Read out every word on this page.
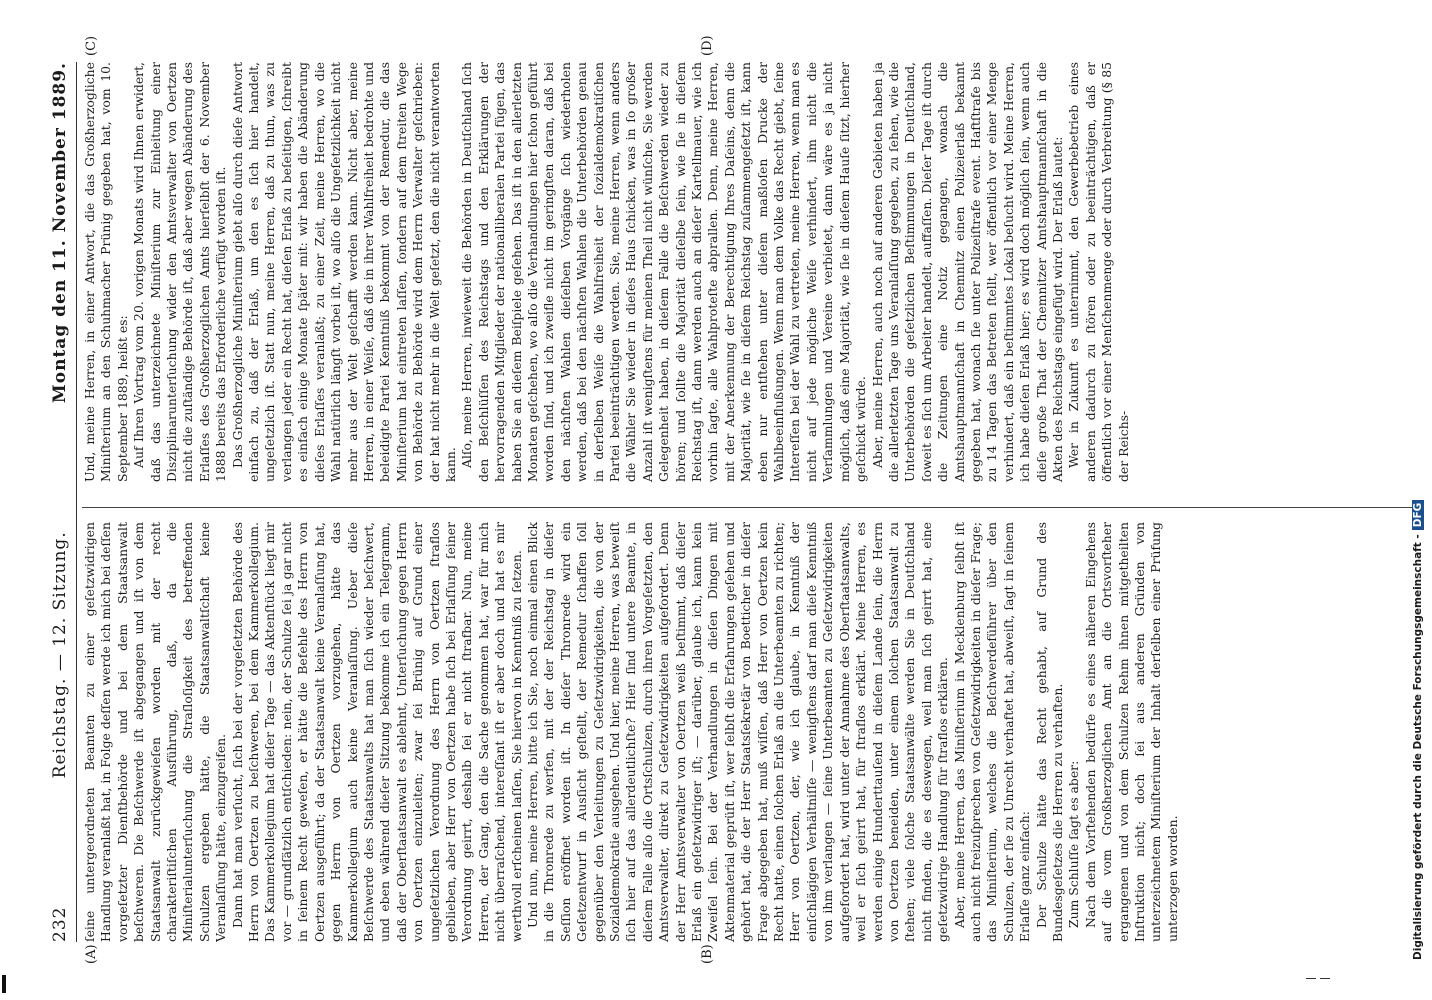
232
Reichstag. — 12. Sitzung.
Montag den 11. November 1889.

ſeine untergeordneten Beamten zu einer geſetzwidrigen Handlung veranlaßt hat, in Folge deſſen werde ich mich bei deſſen vorgeſetzter Dienſtbehörde und bei dem Staatsanwalt beſchweren. Die Beſchwerde iſt abgegangen und iſt von dem Staatsanwalt zurückgewieſen worden mit der recht charakteriſtiſchen Ausführung, daß, da die Miniſterialunterſuchung die Straſloſigkeit des betreffenden Schulzen ergeben hätte, die Staatsanwaltſchaft keine Veranlaſſung hätte, einzugreifen. Dann hat man verſucht, ſich bei der vorgeſetzten Behörde des Herrn von Oertzen zu beſchweren, bei dem Kammerkollegium. Das Kammerkollegium hat dieſer Tage — das Aktenſtück liegt mir vor — grundſätzlich entſchieden: nein, der Schulze ſei ja gar nicht in ſeinem Recht geweſen, er hätte die Befehle des Herrn von Oertzen ausgeführt; da der Staatsanwalt keine Veranlaſſung hat, gegen Herrn von Oertzen vorzugehen, hätte das Kammerkollegium auch keine Veranlaſſung. Ueber dieſe Beſchwerde des Staatsanwalts hat man ſich wieder beſchwert, und eben während dieſer Sitzung bekomme ich ein Telegramm, daß der Oberſtaatsanwalt es ablehnt, Unterſuchung gegen Herrn von Oertzen einzuleiten; zwar ſei Brünig auf Grund einer ungeſetzlichen Verordnung des Herrn von Oertzen ſtraflos geblieben, aber Herr von Oertzen habe ſich bei Erlaſſung ſeiner Verordnung geirrt, deshalb ſei er nicht ſtrafbar. Nun, meine Herren, der Gang, den die Sache genommen hat, war für mich nicht überraſchend, intereſſant iſt er aber doch und hat es mir werthvoll erſcheinen laſſen, Sie hiervon in Kenntniß zu ſetzen. Und nun, meine Herren, bitte ich Sie, noch einmal einen Blick in die Thronrede zu werfen, mit der der Reichstag in dieſer Seſſion eröffnet worden iſt. In dieſer Thronrede wird ein Geſetzentwurf in Ausſicht geſtellt, der Remedur ſchaffen ſoll gegenüber den Verleitungen zu Geſetzwidrigkeiten, die von der Sozialdemokratie ausgehen. Und hier, meine Herren, was beweiſt ſich hier auf das allerdeutlichſte? Hier ſind untere Beamte, in dieſem Falle alſo die Ortsſchulzen, durch ihren Vorgeſetzten, den Amtsverwalter, direkt zu Geſetzwidrigkeiten aufgefordert. Denn der Herr Amtsverwalter von Oertzen weiß beſtimmt, daß dieſer Erlaß ein geſetzwidriger iſt; — darüber, glaube ich, kann kein Zweifel ſein. Bei der Verhandlungen in dieſen Dingen mit Aktenmaterial geprüft iſt, wer ſelbſt die Erfahrungen geſehen und gehört hat, die der Herr Staatsſekretär von Boetticher in dieſer Frage abgegeben hat, muß wiſſen, daß Herr von Oertzen kein Recht hatte, einen ſolchen Erlaß an die Unterbeamten zu richten; Herr von Oertzen, der, wie ich glaube, in Kenntniß der einſchlägigen Verhältniſſe — wenigſtens darf man dieſe Kenntniß von ihm verlangen — ſeine Unterbeamten zu Geſetzwidrigkeiten aufgefordert hat, wird unter der Annahme des Oberſtaatsanwalts, weil er ſich geirrt hat, für ſtraflos erklärt. Meine Herren, es werden einige Hunderttauſend in dieſem Lande ſein, die Herrn von Oertzen beneiden, unter einem ſolchen Staatsanwalt zu ſtehen; viele ſolche Staatsanwälte werden Sie in Deutſchland nicht finden, die es deswegen, weil man ſich geirrt hat, eine geſetzwidrige Handlung für ſtraflos erklären. Aber, meine Herren, das Miniſterium in Mecklenburg ſelbſt iſt auch nicht freizuſprechen von Geſetzwidrigkeiten in dieſer Frage; das Miniſterium, welches die Beſchwerdeführer über den Schulzen, der ſie zu Unrecht verhaftet hat, abweiſt, ſagt in ſeinem Erlaſſe ganz einfach: Der Schulze hätte das Recht gehabt, auf Grund des Bundesgeſetzes die Herren zu verhaften. Zum Schluſſe ſagt es aber: Nach dem Vorſtehenden bedürfe es eines näheren Eingehens auf die vom Großherzoglichen Amt an die Ortsvorſteher ergangenen und von dem Schulzen Rehm ihnen mitgetheilten Inſtruktion nicht; doch ſei aus anderen Gründen von unterzeichnetem Miniſterium der Inhalt derſelben einer Prüfung unterzogen worden.

Und, meine Herren, in einer Antwort, die das Großherzogliche Miniſterium an den Schuhmacher Prünig gegeben hat, vom 10. September 1889, heißt es: Auf Ihren Vortrag vom 20. vorigen Monats wird Ihnen erwidert, daß das unterzeichnete Miniſterium zur Einleitung einer Disziplinarunterſuchung wider den Amtsverwalter von Oertzen nicht die zuſtändige Behörde iſt, daß aber wegen Abänderung des Erlaſſes des Großherzoglichen Amts hierſelbſt der 6. November 1888 bereits das Erforderliche verfügt worden iſt. Das Großherzogliche Miniſterium giebt alſo durch dieſe Antwort einfach zu, daß der Erlaß, um den es ſich hier handelt, ungeſetzlich iſt. Statt nun, meine Herren, daß zu thun, was zu verlangen jeder ein Recht hat, dieſen Erlaß zu beſeitigen, ſchreibt es einfach einige Monate ſpäter mit: wir haben die Abänderung dieſes Erlaſſes veranlaßt; zu einer Zeit, meine Herren, wo die Wahl natürlich längſt vorbei iſt, wo alſo die Ungeſetzlichkeit nicht mehr aus der Welt geſchafft werden kann. Nicht aber, meine Herren, in einer Weiſe, daß die in ihrer Wahlfreiheit bedrohte und beleidigte Partei Kenntniß bekommt von der Remedur, die das Miniſterium hat eintreten laſſen, ſondern auf dem ſtreiten Wege von Behörde zu Behörde wird dem Herrn Verwalter geſchrieben: der hat nicht mehr in die Welt geſetzt, den die nicht verantworten kann. Alſo, meine Herren, inwieweit die Behörden in Deutſchland ſich den Beſchlüſſen des Reichstags und den Erklärungen der hervorragenden Mitglieder der nationalliberalen Partei fügen, das haben Sie an dieſem Beiſpiele geſehen. Das iſt in den allerletzten Monaten geſchehen, wo alſo die Verhandlungen hier ſchon geführt worden ſind, und ich zweifle nicht im geringſten daran, daß bei den nächſten Wahlen dieſelben Vorgänge ſich wiederholen werden, daß bei den nächſten Wahlen die Unterbehörden genau in derſelben Weiſe die Wahlfreiheit der ſozialdemokratiſchen Partei beeinträchtigen werden. Sie, meine Herren, wenn anders die Wähler Sie wieder in dieſes Haus ſchicken, was in ſo großer Anzahl iſt wenigſtens für meinen Theil nicht wünſche, Sie werden Gelegenheit haben, in dieſem Falle die Beſchwerden wieder zu hören; und ſollte die Majorität dieſelbe ſein, wie ſie in dieſem Reichstag iſt, dann werden auch an dieſer Kartellmauer, wie ich vorhin ſagte, alle Wahlproteſte abprallen. Denn, meine Herren, mit der Anerkennung der Berechtigung Ihres Daſeins, denn die Majorität, wie ſie in dieſem Reichstag zuſammengeſetzt iſt, kann eben nur entſtehen unter dieſem maßloſen Drucke der Wahlbeeinflußungen. Wenn man dem Volke das Recht giebt, ſeine Intereſſen bei der Wahl zu vertreten, meine Herren, wenn man es nicht auf jede mögliche Weiſe verhindert, ihm nicht die Verſammlungen und Vereine verbietet, dann wäre es ja nicht möglich, daß eine Majorität, wie ſie in dieſem Hauſe ſitzt, hierher geſchickt würde. Aber, meine Herren, auch noch auf anderen Gebieten haben ja die allerletzten Tage uns Veranlaſſung gegeben, zu ſehen, wie die Unterbehörden die geſetzlichen Beſtimmungen in Deutſchland, ſoweit es ſich um Arbeiter handelt, auffaſſen. Dieſer Tage iſt durch die Zeitungen eine Notiz gegangen, wonach die Amtshauptmannſchaft in Chemnitz einen Polizeierlaß bekannt gegeben hat, wonach ſie unter Polizeiſtrafe event. Haftſtrafe bis zu 14 Tagen das Betreten ſtellt, wer öffentlich vor einer Menge verhindert, daß ein beſtimmtes Lokal beſucht wird. Meine Herren, ich habe dieſen Erlaß hier; es wird doch möglich ſein, wenn auch dieſe große That der Chemnitzer Amtshauptmannſchaft in die Akten des Reichstags eingefügt wird. Der Erlaß lautet: Wer in Zukunft es unternimmt, den Gewerbebetrieb eines anderen dadurch zu ſtören oder zu beeinträchtigen, daß er öffentlich vor einer Menſchenmenge oder durch Verbreitung (§ 85 der Reichs-

(A)	(B)
(C)	(D)
Digitalisierung gefördert durch die Deutsche Forschungsgemeinschaft -DFG
